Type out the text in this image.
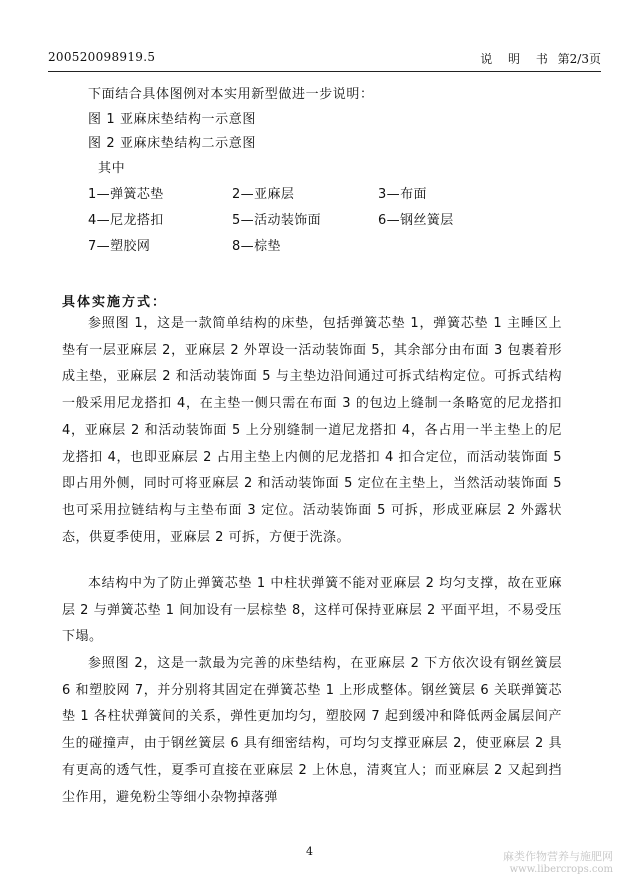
200520098919.5	说 明 书 第2/3页
下面结合具体图例对本实用新型做进一步说明：
图 1 亚麻床垫结构一示意图
图 2 亚麻床垫结构二示意图
其中
1—弹簧芯垫	2—亚麻层	3—布面
4—尼龙搭扣	5—活动装饰面	6—钢丝簧层
7—塑胶网	8—棕垫
具体实施方式：

参照图 1，这是一款简单结构的床垫，包括弹簧芯垫 1，弹簧芯垫 1 主睡区上垫有一层亚麻层 2，亚麻层 2 外罩设一活动装饰面 5，其余部分由布面 3 包裹着形成主垫，亚麻层 2 和活动装饰面 5 与主垫边沿间通过可拆式结构定位。可拆式结构一般采用尼龙搭扣 4，在主垫一侧只需在布面 3 的包边上缝制一条略宽的尼龙搭扣 4，亚麻层 2 和活动装饰面 5 上分别缝制一道尼龙搭扣 4，各占用一半主垫上的尼龙搭扣 4，也即亚麻层 2 占用主垫上内侧的尼龙搭扣 4 扣合定位，而活动装饰面 5 即占用外侧，同时可将亚麻层 2 和活动装饰面 5 定位在主垫上，当然活动装饰面 5 也可采用拉链结构与主垫布面 3 定位。活动装饰面 5 可拆，形成亚麻层 2 外露状态，供夏季使用，亚麻层 2 可拆，方便于洗涤。

本结构中为了防止弹簧芯垫 1 中柱状弹簧不能对亚麻层 2 均匀支撑，故在亚麻层 2 与弹簧芯垫 1 间加设有一层棕垫 8，这样可保持亚麻层 2 平面平坦，不易受压下塌。

参照图 2，这是一款最为完善的床垫结构，在亚麻层 2 下方依次设有钢丝簧层 6 和塑胶网 7，并分别将其固定在弹簧芯垫 1 上形成整体。钢丝簧层 6 关联弹簧芯垫 1 各柱状弹簧间的关系，弹性更加均匀，塑胶网 7 起到缓冲和降低两金属层间产生的碰撞声，由于钢丝簧层 6 具有细密结构，可均匀支撑亚麻层 2，使亚麻层 2 具有更高的透气性，夏季可直接在亚麻层 2 上休息，清爽宜人；而亚麻层 2 又起到挡尘作用，避免粉尘等细小杂物掉落弹

4	麻类作物营养与施肥网
www.libercrops.com
